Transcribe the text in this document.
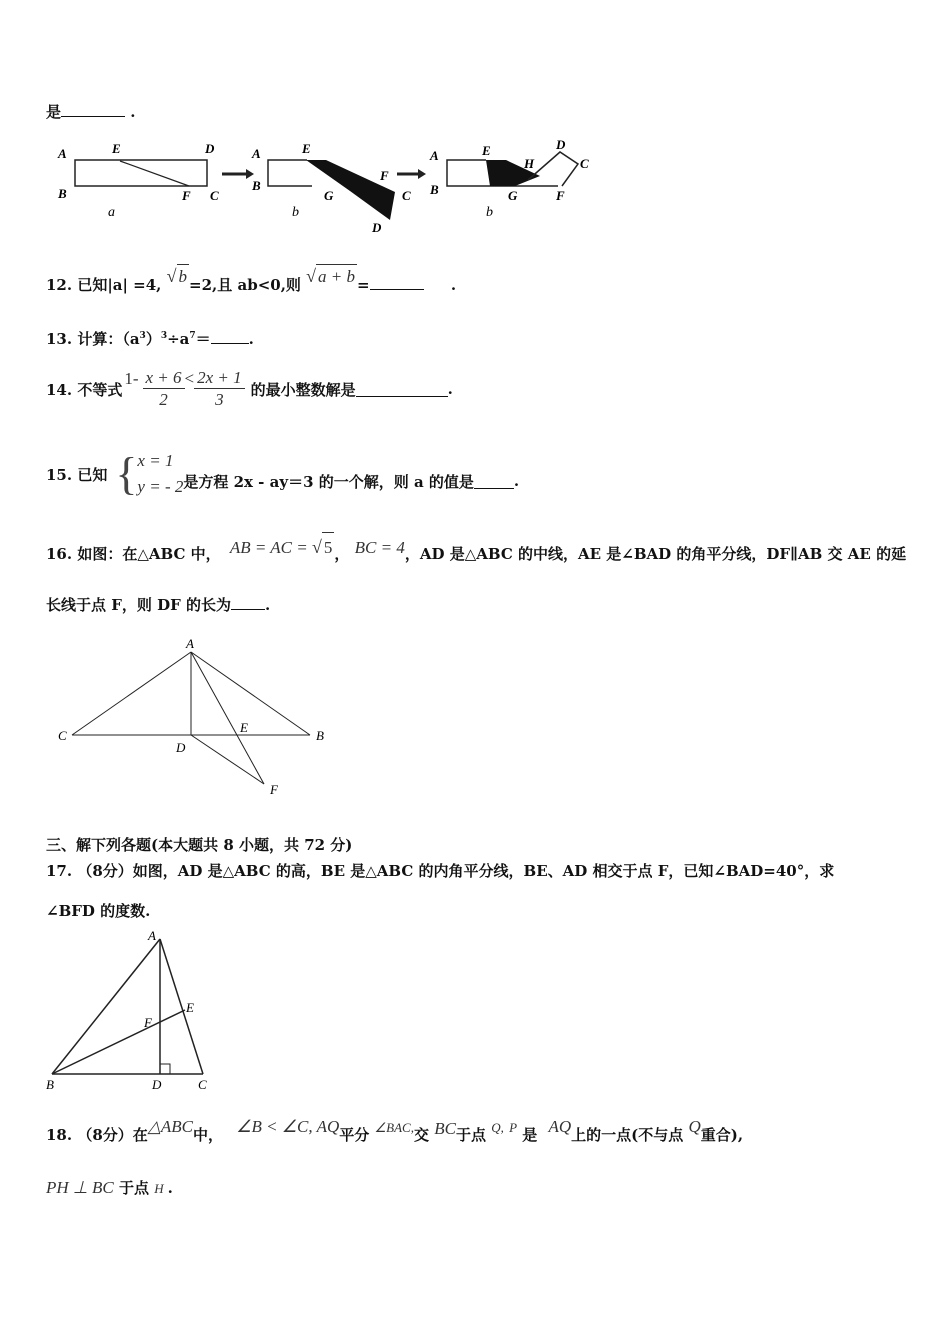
是	.
A
B
E	D
F C
a
A
B
E
F
G	C
D
b
A
B
E
H
D
C
G	F
b
12. 已知|a| =4, √ b =2,且 ab<0,则 √ a + b =	.
13. 计算：$(a^3)^3\div a^7=$	.
14. 不等式
$1- \frac{x + 6}{2} < \frac{2x + 1}{3}$ 的最小整数解是	.
15. 已知 { x = 1
y = - 2 是方程 2x - ay＝3 的一个解，则 a 的值是	.
16. 如图：在△ABC 中， AB = AC = √ 5 ， BC = 4，AD 是△ABC 的中线，AE 是∠BAD 的角平分线，DF∥AB 交 AE 的延
长线于点 F，则 DF 的长为 .
A
C	B
D
E
F
三、解下列各题(本大题共 8 小题，共 72 分)
17. （8分）如图，AD 是△ABC 的高，BE 是△ABC 的内角平分线，BE、AD 相交于点 F，已知∠BAD=40°，求
∠BFD 的度数.
A
B	D	C
E
F
18. （8分）在△ABC中， ∠B < ∠C, AQ平分 ∠BAC,交 BC于点 Q, P 是 AQ上的一点(不与点 Q重合),
PH ⊥ BC 于点 H .
